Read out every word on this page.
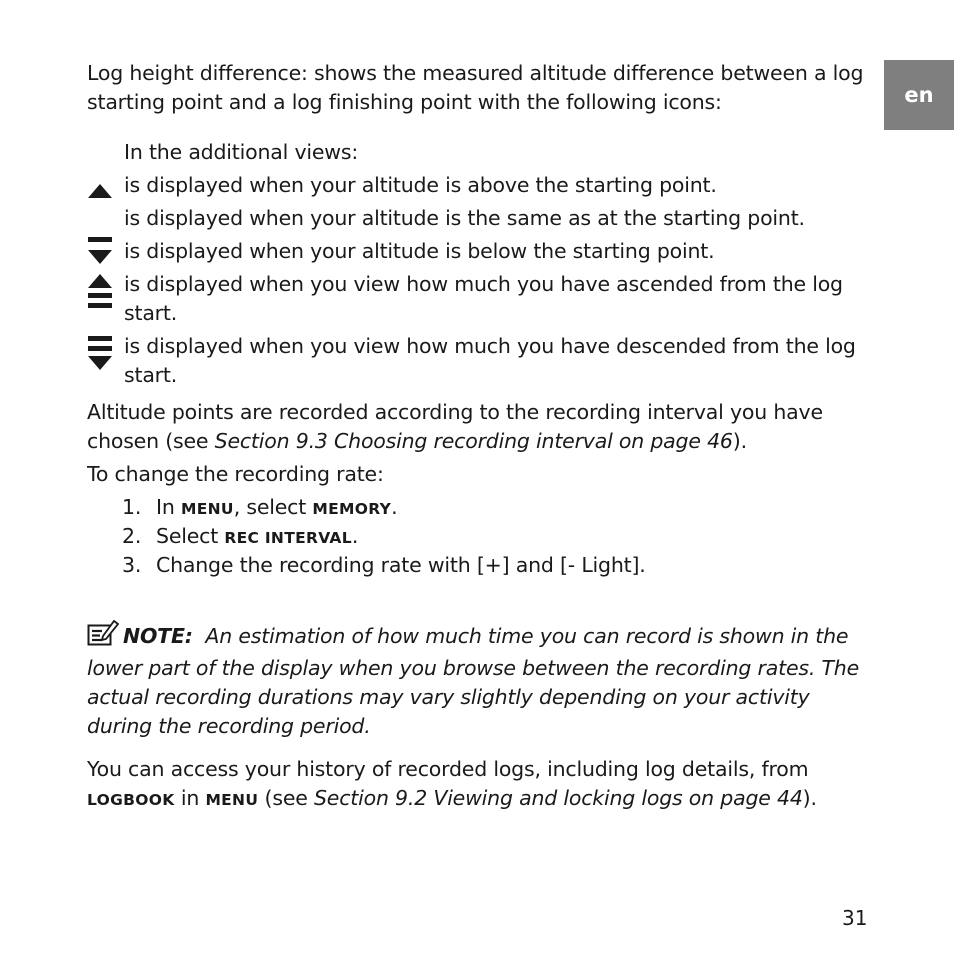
en
Log height difference: shows the measured altitude difference between a log starting point and a log finishing point with the following icons:
In the additional views:
is displayed when your altitude is above the starting point.
is displayed when your altitude is the same as at the starting point.
is displayed when your altitude is below the starting point.
is displayed when you view how much you have ascended from the log start.
is displayed when you view how much you have descended from the log start.
Altitude points are recorded according to the recording interval you have chosen (see Section 9.3 Choosing recording interval on page 46).
To change the recording rate:
1. In MENU, select MEMORY.
2. Select REC INTERVAL.
3. Change the recording rate with [+] and [- Light].
NOTE: An estimation of how much time you can record is shown in the lower part of the display when you browse between the recording rates. The actual recording durations may vary slightly depending on your activity during the recording period.
You can access your history of recorded logs, including log details, from LOGBOOK in MENU (see Section 9.2 Viewing and locking logs on page 44).
31
